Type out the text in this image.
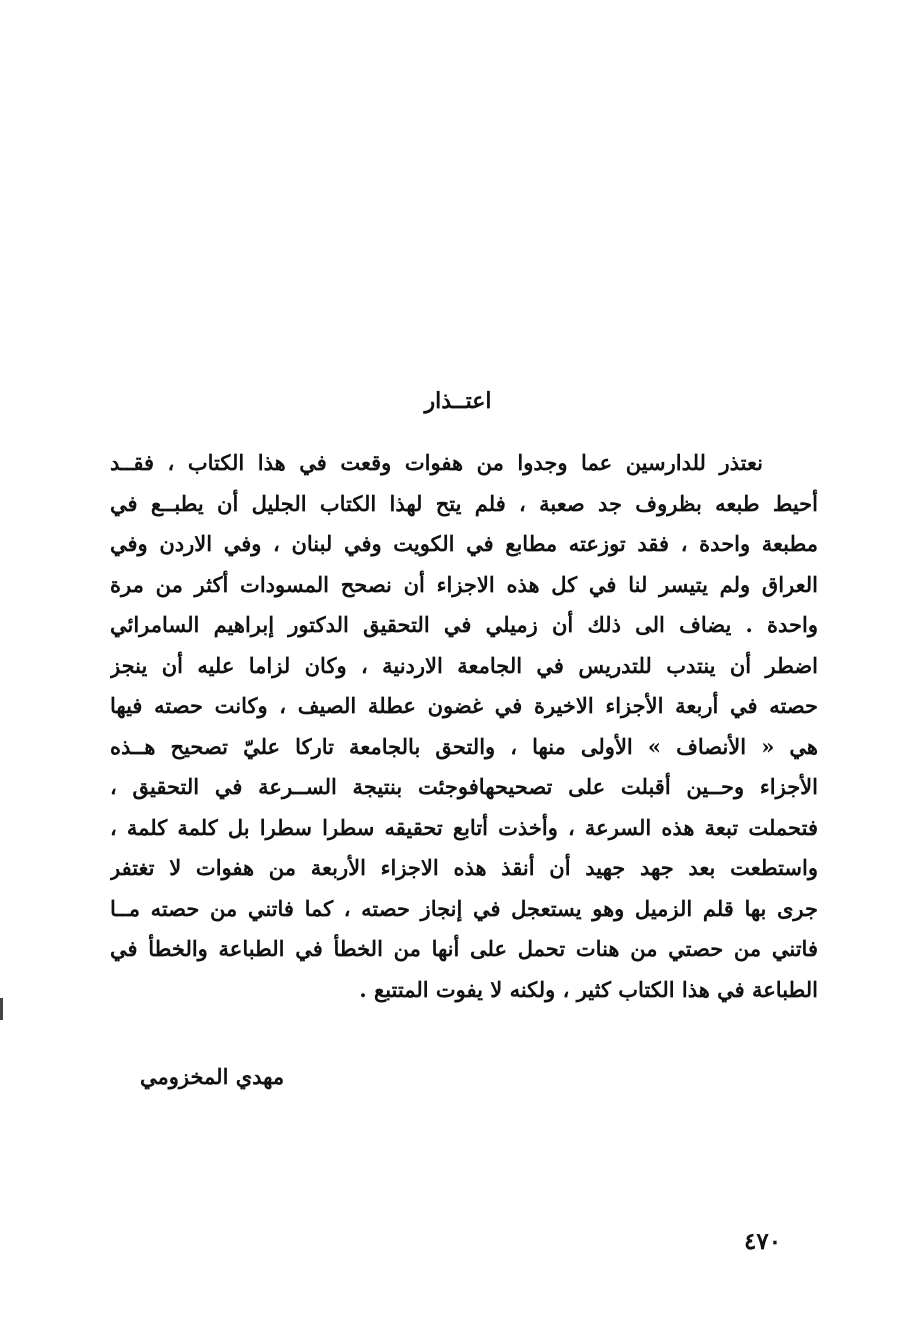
اعتــذار
نعتذر للدارسين عما وجدوا من هفوات وقعت في هذا الكتاب ، فقــد
أحيط طبعه بظروف جد صعبة ، فلم يتح لهذا الكتاب الجليل أن يطبــع في
مطبعة واحدة ، فقد توزعته مطابع في الكويت وفي لبنان ، وفي الاردن وفي
العراق ولم يتيسر لنا في كل هذه الاجزاء أن نصحح المسودات أكثر من مرة
واحدة . يضاف الى ذلك أن زميلي في التحقيق الدكتور إبراهيم السامرائي
اضطر أن ينتدب للتدريس في الجامعة الاردنية ، وكان لزاما عليه أن ينجز
حصته في أربعة الأجزاء الاخيرة في غضون عطلة الصيف ، وكانت حصته فيها
هي « الأنصاف » الأولى منها ، والتحق بالجامعة تاركا عليّ تصحيح هــذه
الأجزاء وحــين أقبلت على تصحيحهافوجئت بنتيجة الســرعة في التحقيق ،
فتحملت تبعة هذه السرعة ، وأخذت أتابع تحقيقه سطرا سطرا بل كلمة كلمة ،
واستطعت بعد جهد جهيد أن أنقذ هذه الاجزاء الأربعة من هفوات لا تغتفر
جرى بها قلم الزميل وهو يستعجل في إنجاز حصته ، كما فاتني من حصته مــا
فاتني من حصتي من هنات تحمل على أنها من الخطأ في الطباعة والخطأ في
الطباعة في هذا الكتاب كثير ، ولكنه لا يفوت المتتبع .
مهدي المخزومي
٤٧٠
